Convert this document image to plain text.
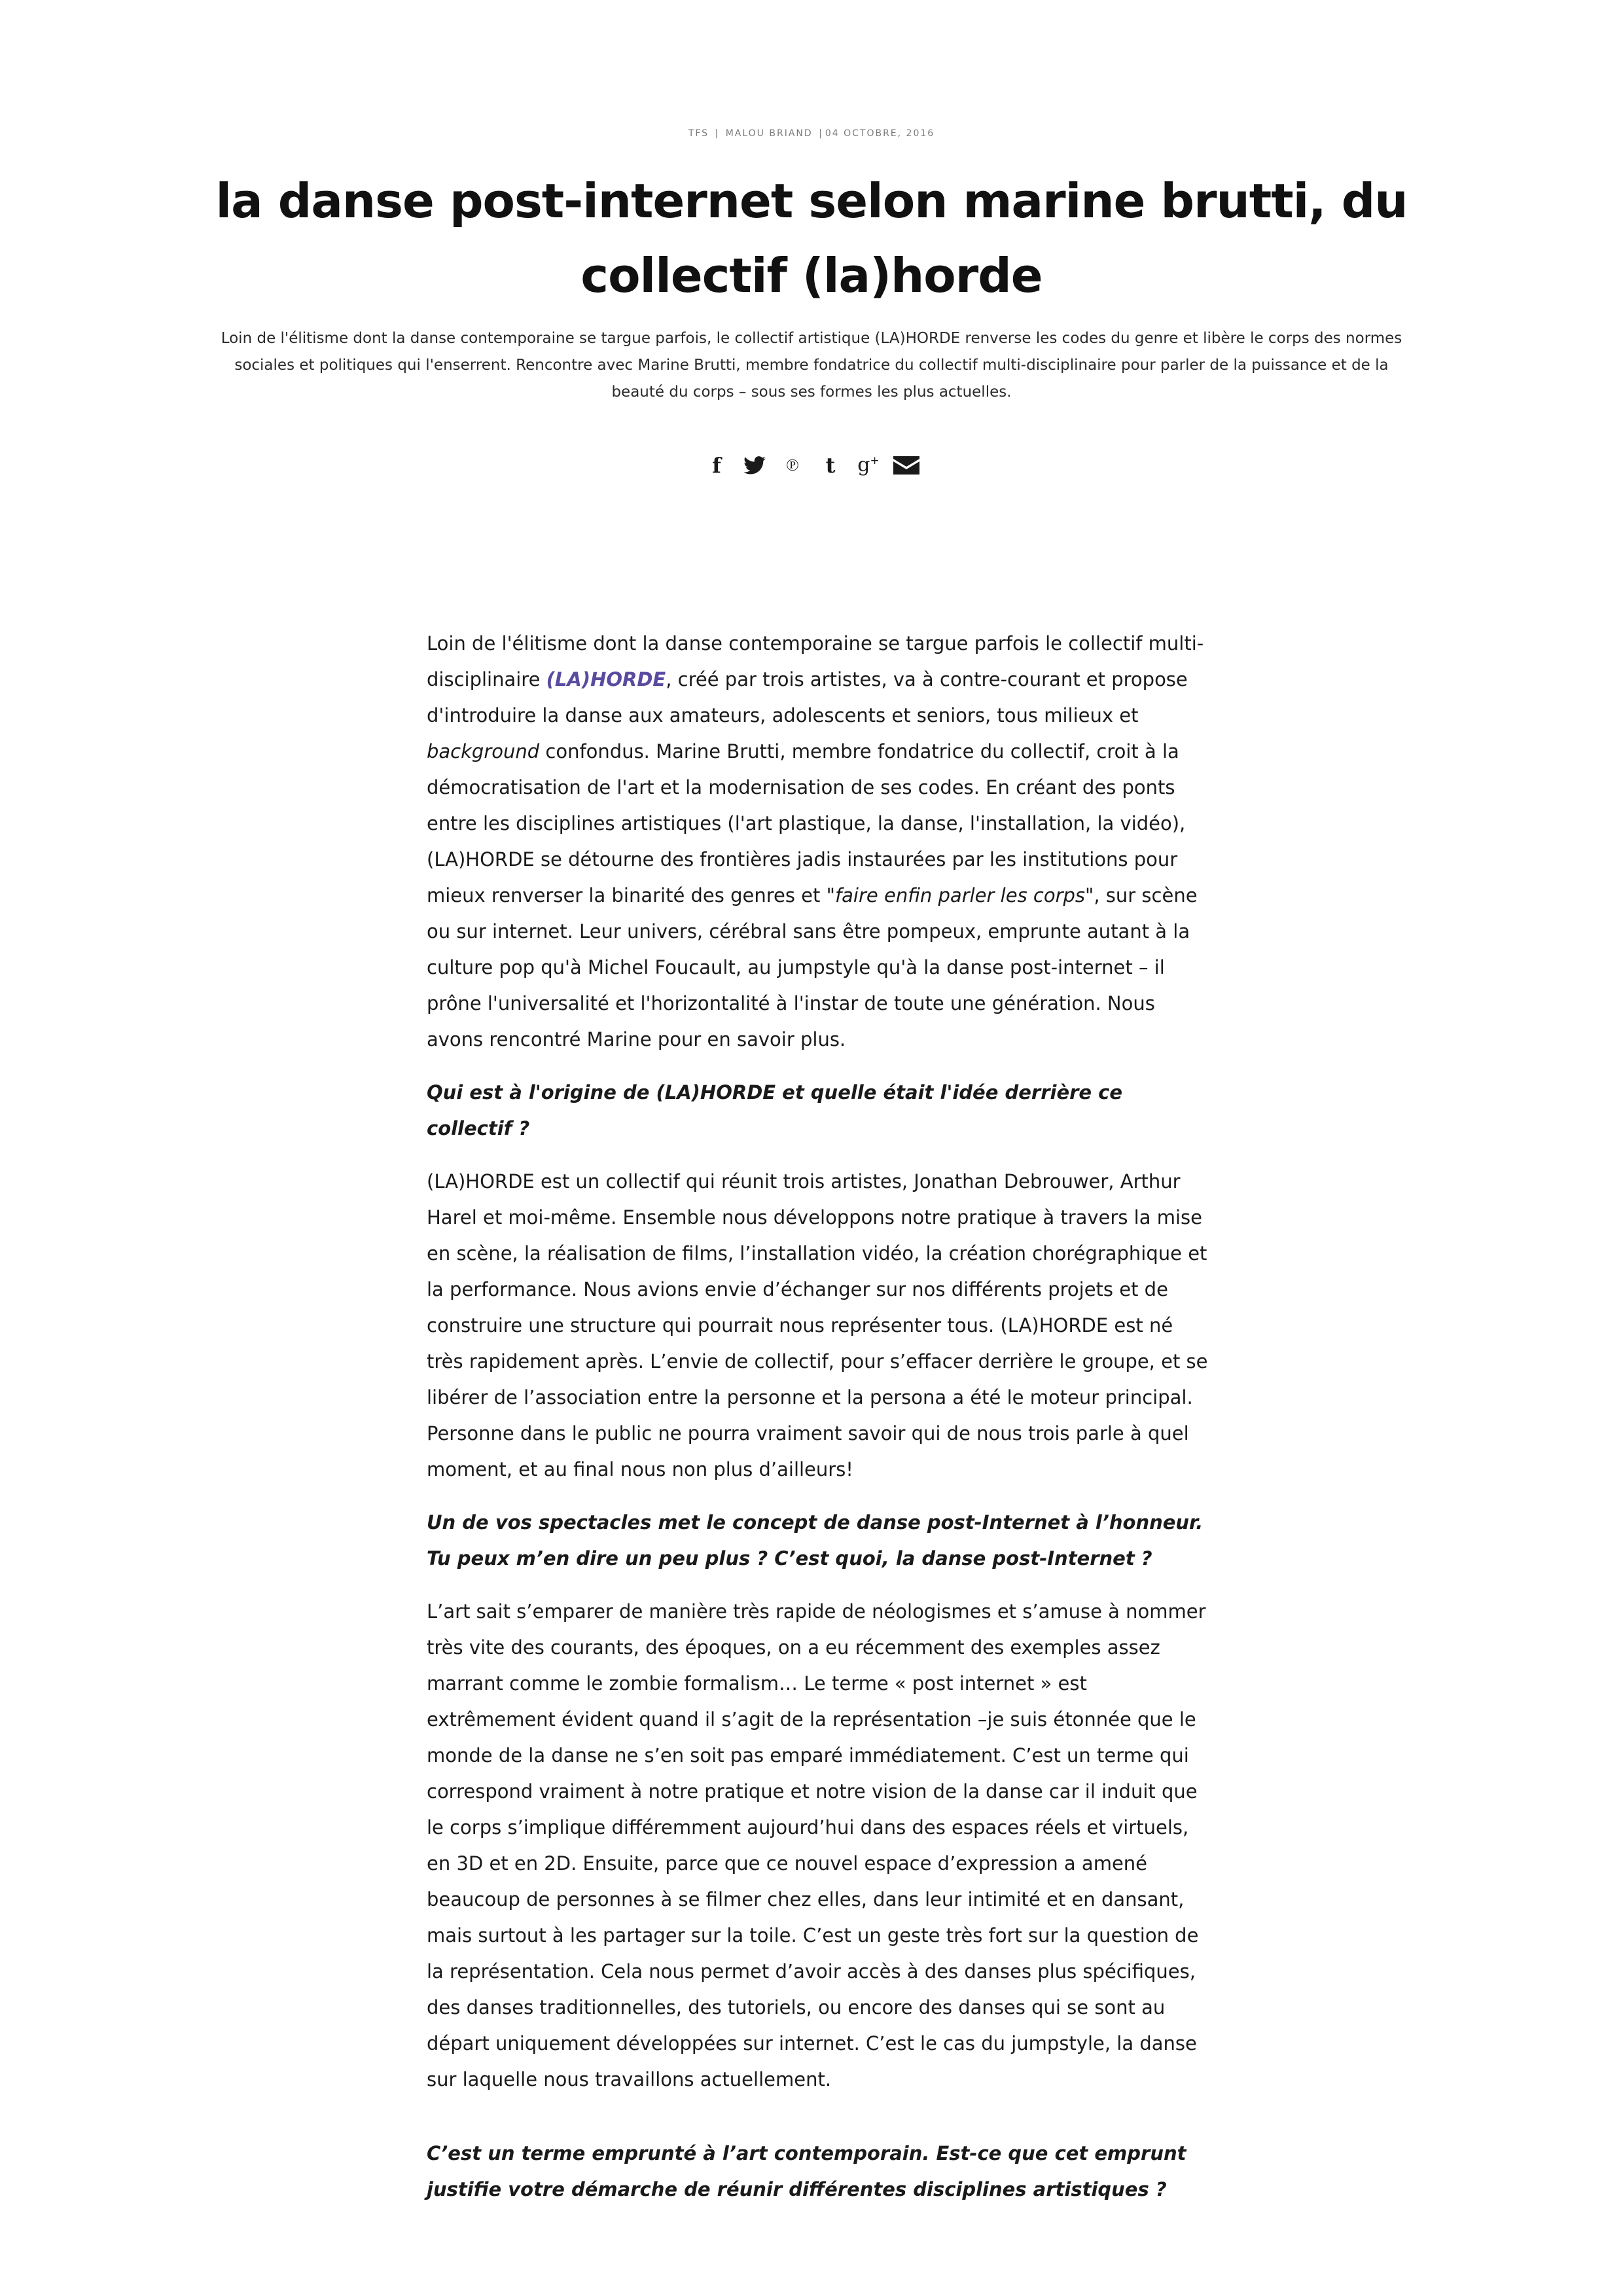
TFS | MALOU BRIAND | 04 OCTOBRE, 2016
la danse post-internet selon marine brutti, du collectif (la)horde

Loin de l'élitisme dont la danse contemporaine se targue parfois, le collectif artistique (LA)HORDE renverse les codes du genre et libère le corps des normes sociales et politiques qui l'enserrent. Rencontre avec Marine Brutti, membre fondatrice du collectif multi-disciplinaire pour parler de la puissance et de la beauté du corps – sous ses formes les plus actuelles.

f	℗ t g+

Loin de l'élitisme dont la danse contemporaine se targue parfois le collectif multi-disciplinaire (LA)HORDE, créé par trois artistes, va à contre-courant et propose d'introduire la danse aux amateurs, adolescents et seniors, tous milieux et background confondus. Marine Brutti, membre fondatrice du collectif, croit à la démocratisation de l'art et la modernisation de ses codes. En créant des ponts entre les disciplines artistiques (l'art plastique, la danse, l'installation, la vidéo), (LA)HORDE se détourne des frontières jadis instaurées par les institutions pour mieux renverser la binarité des genres et "faire enfin parler les corps", sur scène ou sur internet. Leur univers, cérébral sans être pompeux, emprunte autant à la culture pop qu'à Michel Foucault, au jumpstyle qu'à la danse post-internet – il prône l'universalité et l'horizontalité à l'instar de toute une génération. Nous avons rencontré Marine pour en savoir plus.

Qui est à l'origine de (LA)HORDE et quelle était l'idée derrière ce collectif ?

(LA)HORDE est un collectif qui réunit trois artistes, Jonathan Debrouwer, Arthur Harel et moi-même. Ensemble nous développons notre pratique à travers la mise en scène, la réalisation de films, l’installation vidéo, la création chorégraphique et la performance. Nous avions envie d’échanger sur nos différents projets et de construire une structure qui pourrait nous représenter tous. (LA)HORDE est né très rapidement après. L’envie de collectif, pour s’effacer derrière le groupe, et se libérer de l’association entre la personne et la persona a été le moteur principal. Personne dans le public ne pourra vraiment savoir qui de nous trois parle à quel moment, et au final nous non plus d’ailleurs!

Un de vos spectacles met le concept de danse post-Internet à l’honneur. Tu peux m’en dire un peu plus ? C’est quoi, la danse post-Internet ?

L’art sait s’emparer de manière très rapide de néologismes et s’amuse à nommer très vite des courants, des époques, on a eu récemment des exemples assez marrant comme le zombie formalism… Le terme « post internet » est extrêmement évident quand il s’agit de la représentation –je suis étonnée que le monde de la danse ne s’en soit pas emparé immédiatement. C’est un terme qui correspond vraiment à notre pratique et notre vision de la danse car il induit que le corps s’implique différemment aujourd’hui dans des espaces réels et virtuels, en 3D et en 2D. Ensuite, parce que ce nouvel espace d’expression a amené beaucoup de personnes à se filmer chez elles, dans leur intimité et en dansant, mais surtout à les partager sur la toile. C’est un geste très fort sur la question de la représentation. Cela nous permet d’avoir accès à des danses plus spécifiques, des danses traditionnelles, des tutoriels, ou encore des danses qui se sont au départ uniquement développées sur internet. C’est le cas du jumpstyle, la danse sur laquelle nous travaillons actuellement.

C’est un terme emprunté à l’art contemporain. Est-ce que cet emprunt justifie votre démarche de réunir différentes disciplines artistiques ?
